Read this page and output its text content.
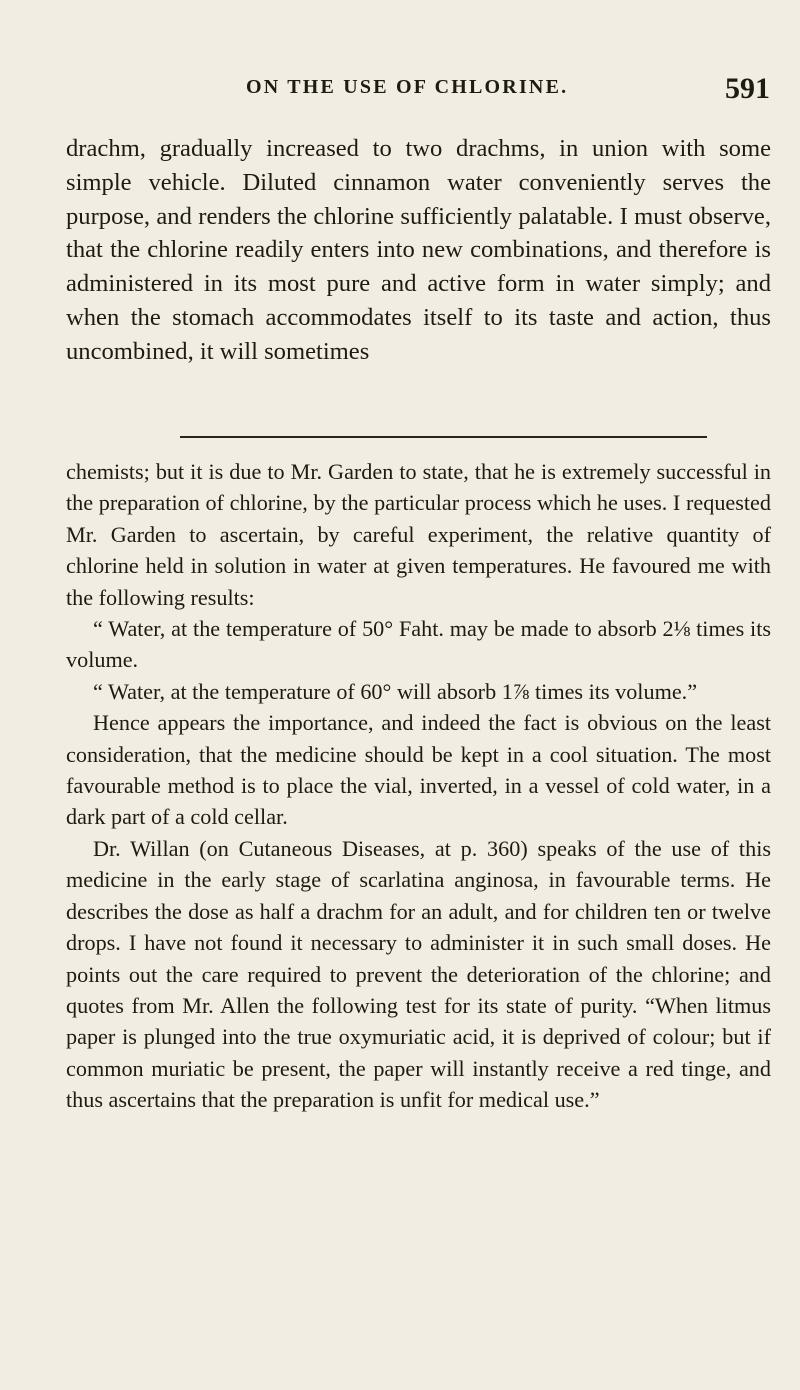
ON THE USE OF CHLORINE.	591

drachm, gradually increased to two drachms, in union with some simple vehicle. Diluted cinnamon water conveniently serves the purpose, and renders the chlorine sufficiently palatable. I must observe, that the chlorine readily enters into new combinations, and therefore is administered in its most pure and active form in water simply; and when the stomach accommodates itself to its taste and action, thus uncombined, it will sometimes

chemists; but it is due to Mr. Garden to state, that he is extremely successful in the preparation of chlorine, by the particular process which he uses. I requested Mr. Garden to ascertain, by careful experiment, the relative quantity of chlorine held in solution in water at given temperatures. He favoured me with the following results:

“ Water, at the temperature of 50° Faht. may be made to absorb 2⅛ times its volume.

“ Water, at the temperature of 60° will absorb 1⅞ times its volume.”

Hence appears the importance, and indeed the fact is obvious on the least consideration, that the medicine should be kept in a cool situation. The most favourable method is to place the vial, inverted, in a vessel of cold water, in a dark part of a cold cellar.

Dr. Willan (on Cutaneous Diseases, at p. 360) speaks of the use of this medicine in the early stage of scarlatina anginosa, in favourable terms. He describes the dose as half a drachm for an adult, and for children ten or twelve drops. I have not found it necessary to administer it in such small doses. He points out the care required to prevent the deterioration of the chlorine; and quotes from Mr. Allen the following test for its state of purity. “When litmus paper is plunged into the true oxymuriatic acid, it is deprived of colour; but if common muriatic be present, the paper will instantly receive a red tinge, and thus ascertains that the preparation is unfit for medical use.”
